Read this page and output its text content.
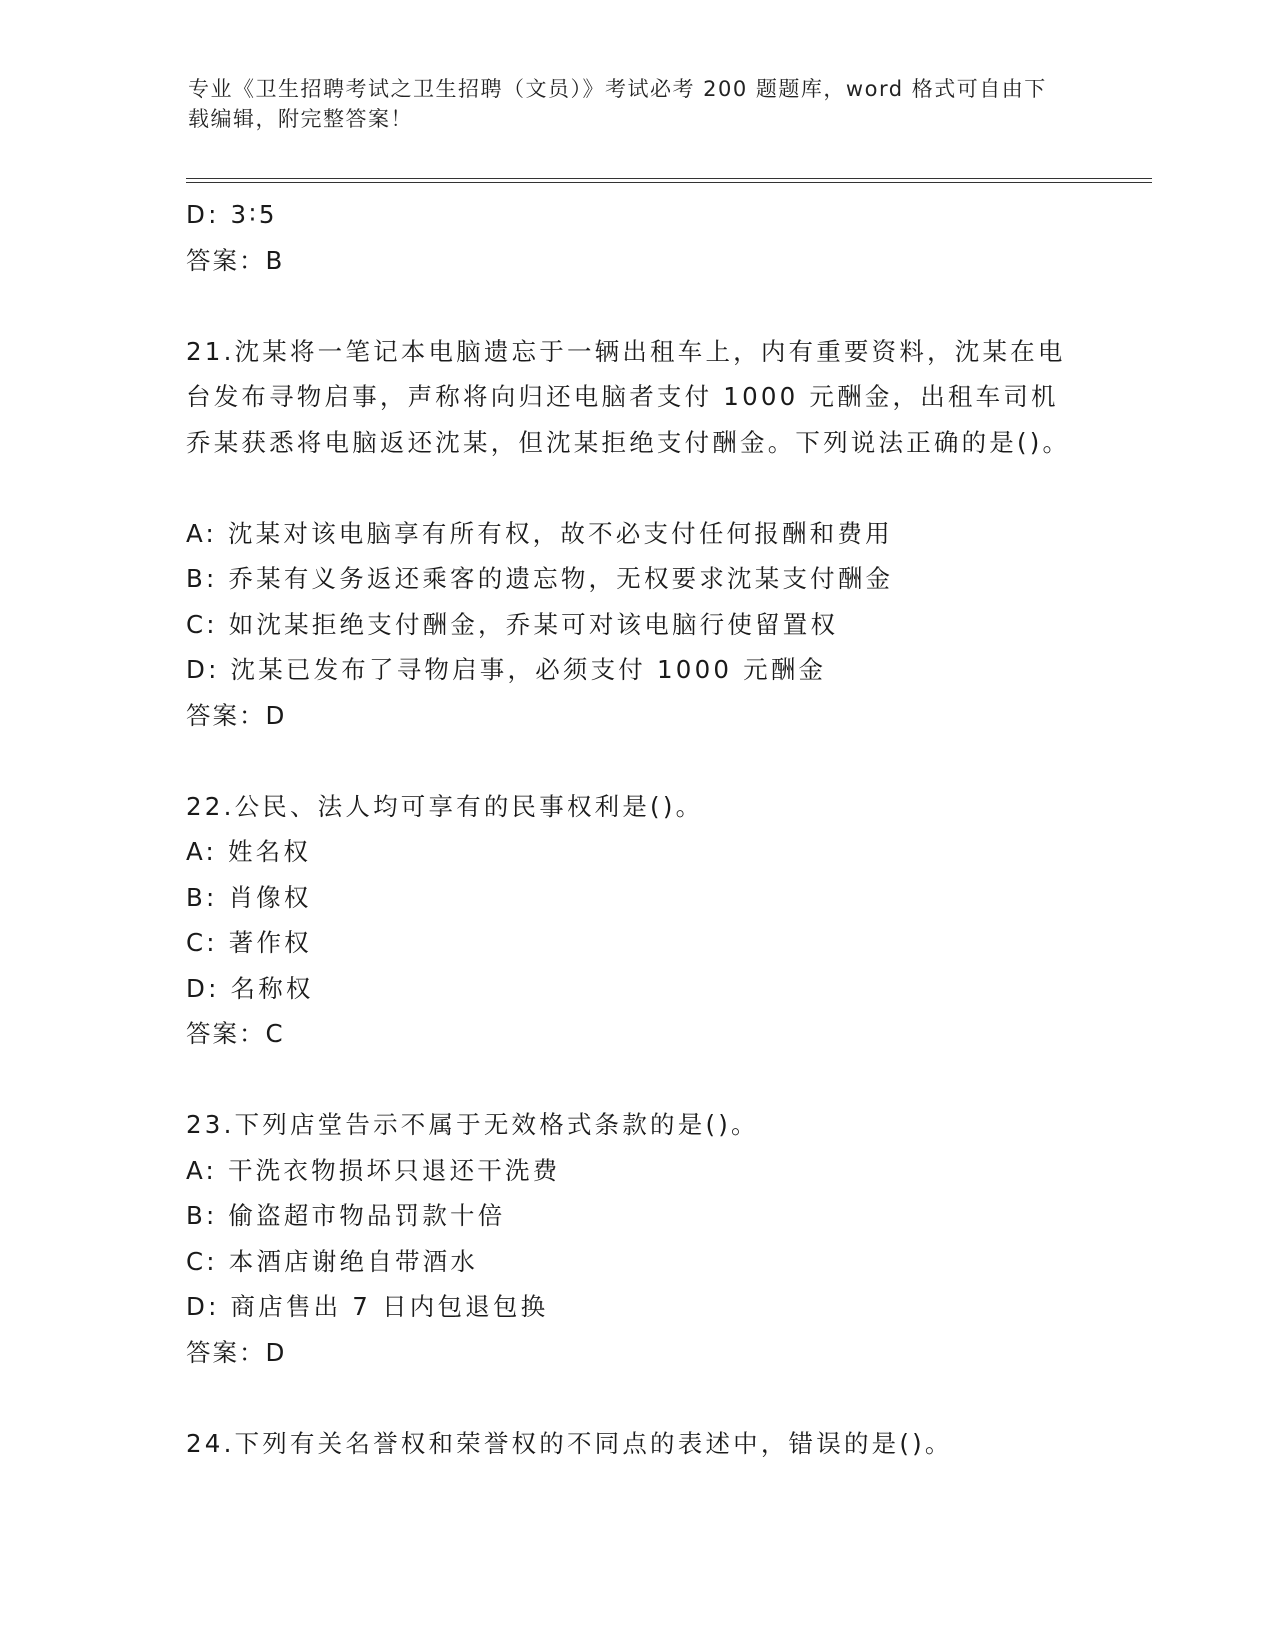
专业《卫生招聘考试之卫生招聘（文员）》考试必考 200 题题库，word 格式可自由下载编辑，附完整答案！
D: 3∶5
答案：B
21.沈某将一笔记本电脑遗忘于一辆出租车上，内有重要资料，沈某在电台发布寻物启事，声称将向归还电脑者支付 1000 元酬金，出租车司机乔某获悉将电脑返还沈某，但沈某拒绝支付酬金。下列说法正确的是()。
A: 沈某对该电脑享有所有权，故不必支付任何报酬和费用
B: 乔某有义务返还乘客的遗忘物，无权要求沈某支付酬金
C: 如沈某拒绝支付酬金，乔某可对该电脑行使留置权
D: 沈某已发布了寻物启事，必须支付 1000 元酬金
答案：D
22.公民、法人均可享有的民事权利是()。
A: 姓名权
B: 肖像权
C: 著作权
D: 名称权
答案：C
23.下列店堂告示不属于无效格式条款的是()。
A: 干洗衣物损坏只退还干洗费
B: 偷盗超市物品罚款十倍
C: 本酒店谢绝自带酒水
D: 商店售出 7 日内包退包换
答案：D
24.下列有关名誉权和荣誉权的不同点的表述中，错误的是()。
